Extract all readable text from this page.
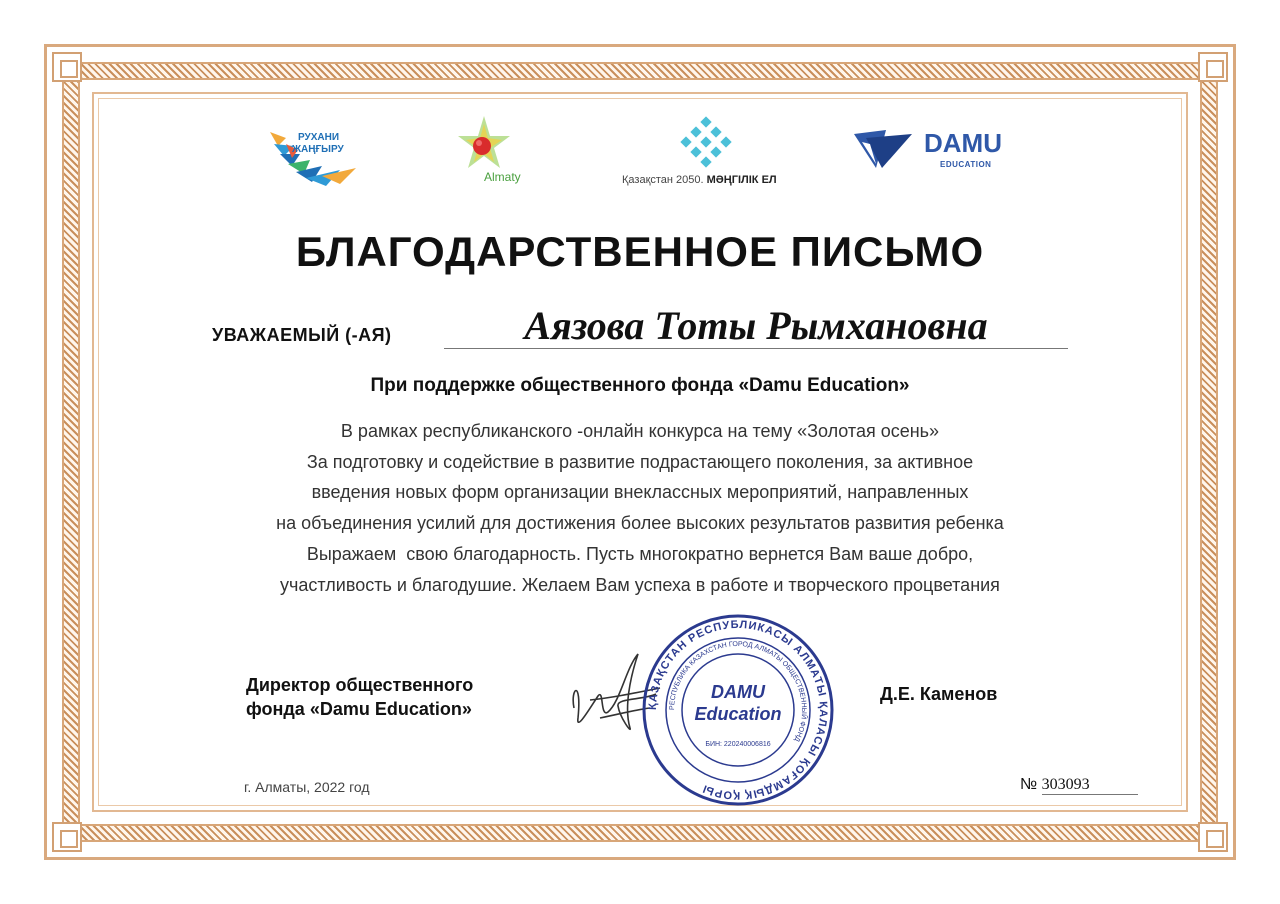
РУХАНИ
ЖАҢҒЫРУ
Almaty	Қазақстан 2050. МӘҢГІЛІК ЕЛ
DAMU
EDUCATION
БЛАГОДАРСТВЕННОЕ ПИСЬМО
УВАЖАЕМЫЙ (-АЯ)	Аязова Тоты Рымхановна
При поддержке общественного фонда «Damu Education»
В рамках республиканского -онлайн конкурса на тему «Золотая осень»
За подготовку и содействие в развитие подрастающего поколения, за активное
введения новых форм организации внеклассных мероприятий, направленных
на объединения усилий для достижения более высоких результатов развития ребенка
Выражаем  свою благодарность. Пусть многократно вернется Вам ваше добро,
участливость и благодушие. Желаем Вам успеха в работе и творческого процветания
Директор общественного
фонда «Damu Education»	ҚАЗАҚСТАН РЕСПУБЛИКАСЫ АЛМАТЫ ҚАЛАСЫ ҚОҒАМДЫҚ ҚОРЫ
РЕСПУБЛИКА КАЗАХСТАН ГОРОД АЛМАТЫ ОБЩЕСТВЕННЫЙ ФОНД
DAMU
Education
БИН: 220240006816
Д.Е. Каменов
г. Алматы, 2022 год	№ 303093
